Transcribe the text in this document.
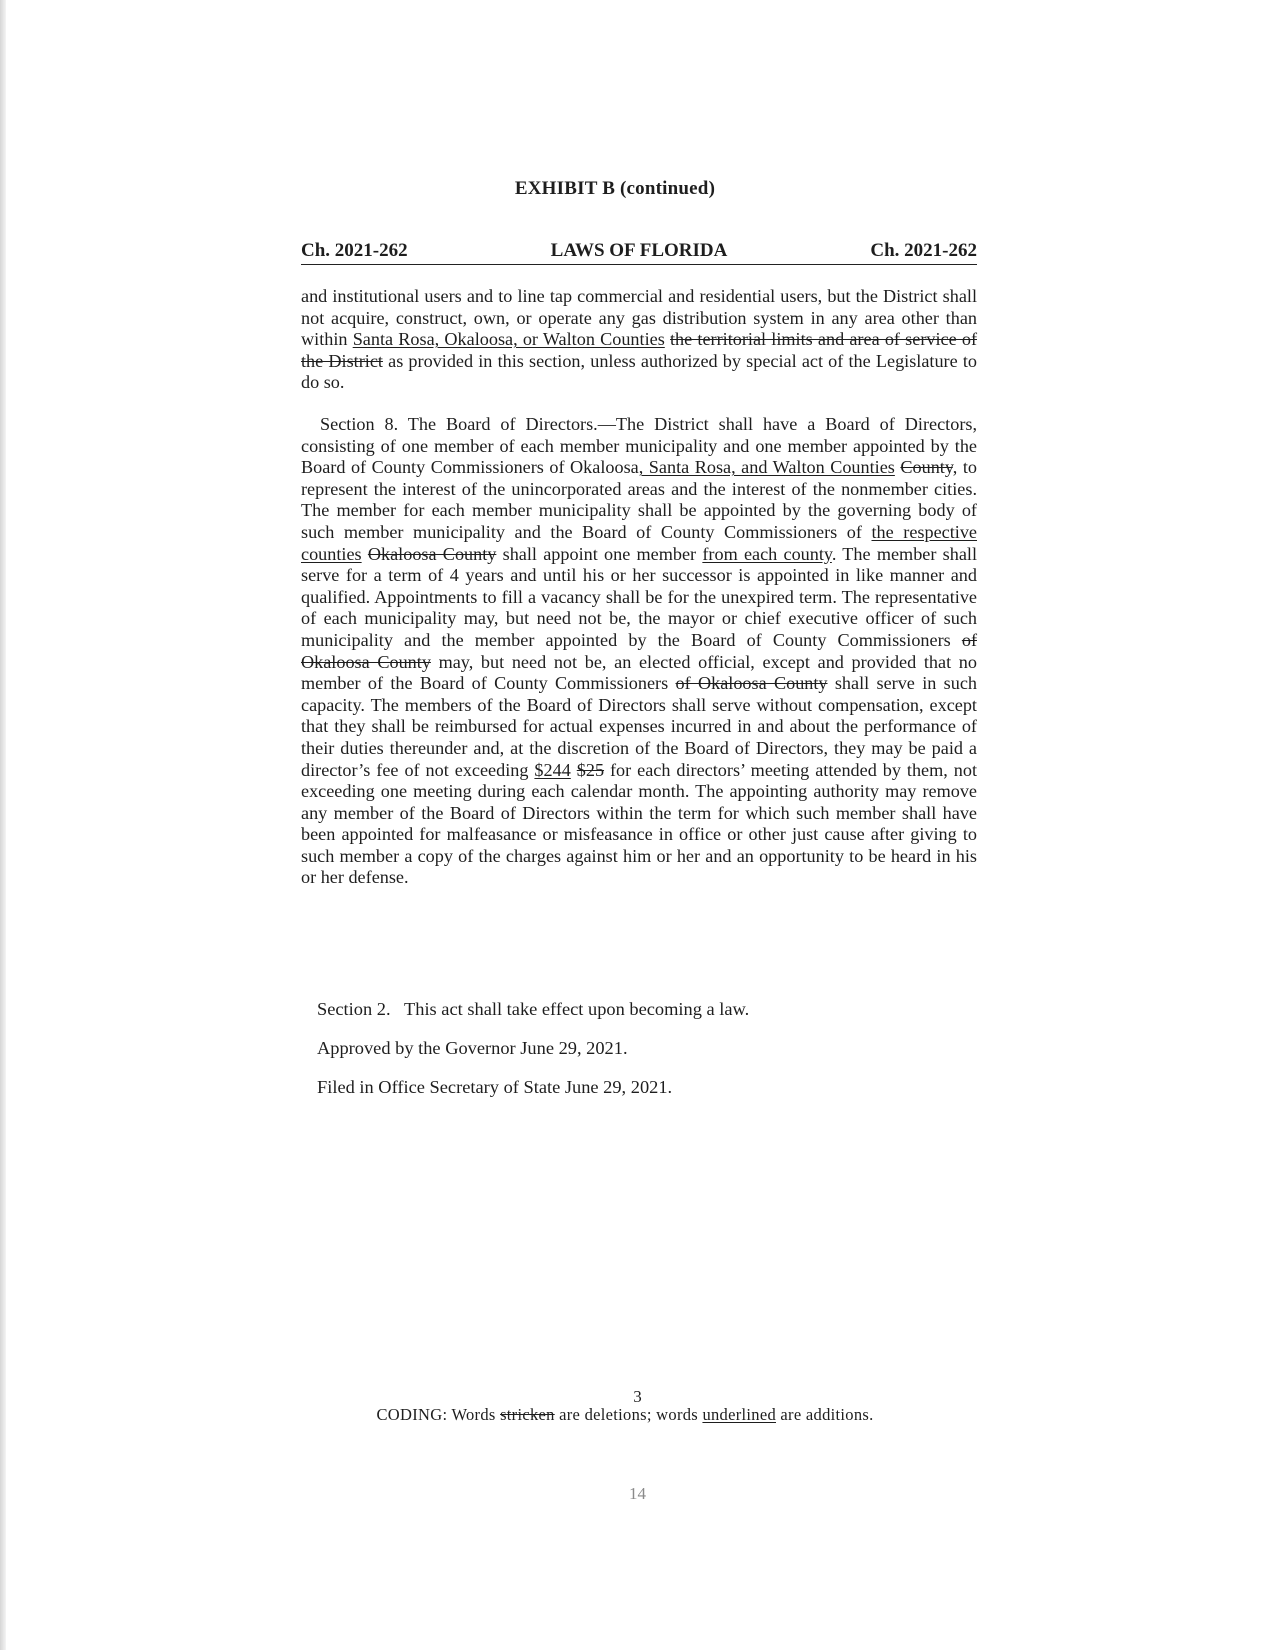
EXHIBIT B (continued)
Ch. 2021-262	LAWS OF FLORIDA	Ch. 2021-262

and institutional users and to line tap commercial and residential users, but the District shall not acquire, construct, own, or operate any gas distribution system in any area other than within Santa Rosa, Okaloosa, or Walton Counties the territorial limits and area of service of the District as provided in this section, unless authorized by special act of the Legislature to do so.

Section 8. The Board of Directors.—The District shall have a Board of Directors, consisting of one member of each member municipality and one member appointed by the Board of County Commissioners of Okaloosa, Santa Rosa, and Walton Counties County, to represent the interest of the unincorporated areas and the interest of the nonmember cities. The member for each member municipality shall be appointed by the governing body of such member municipality and the Board of County Commissioners of the respective counties Okaloosa County shall appoint one member from each county. The member shall serve for a term of 4 years and until his or her successor is appointed in like manner and qualified. Appointments to fill a vacancy shall be for the unexpired term. The representative of each municipality may, but need not be, the mayor or chief executive officer of such municipality and the member appointed by the Board of County Commissioners of Okaloosa County may, but need not be, an elected official, except and provided that no member of the Board of County Commissioners of Okaloosa County shall serve in such capacity. The members of the Board of Directors shall serve without compensation, except that they shall be reimbursed for actual expenses incurred in and about the performance of their duties thereunder and, at the discretion of the Board of Directors, they may be paid a director’s fee of not exceeding $244 $25 for each directors’ meeting attended by them, not exceeding one meeting during each calendar month. The appointing authority may remove any member of the Board of Directors within the term for which such member shall have been appointed for malfeasance or misfeasance in office or other just cause after giving to such member a copy of the charges against him or her and an opportunity to be heard in his or her defense.

Section 2.   This act shall take effect upon becoming a law.
Approved by the Governor June 29, 2021.
Filed in Office Secretary of State June 29, 2021.
3
CODING: Words stricken are deletions; words underlined are additions.
14
